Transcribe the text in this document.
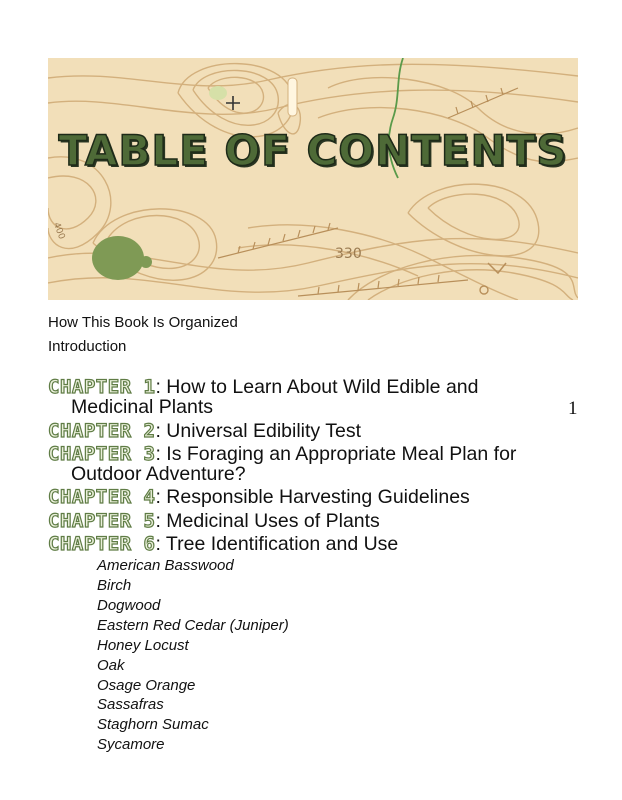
TABLE OF CONTENTS
330
400
How This Book Is Organized
Introduction
CHAPTER 1: How to Learn About Wild Edible and
Medicinal Plants	1
CHAPTER 2: Universal Edibility Test
CHAPTER 3: Is Foraging an Appropriate Meal Plan for
Outdoor Adventure?
CHAPTER 4: Responsible Harvesting Guidelines
CHAPTER 5: Medicinal Uses of Plants
CHAPTER 6: Tree Identification and Use
American Basswood
Birch
Dogwood
Eastern Red Cedar (Juniper)
Honey Locust
Oak
Osage Orange
Sassafras
Staghorn Sumac
Sycamore
